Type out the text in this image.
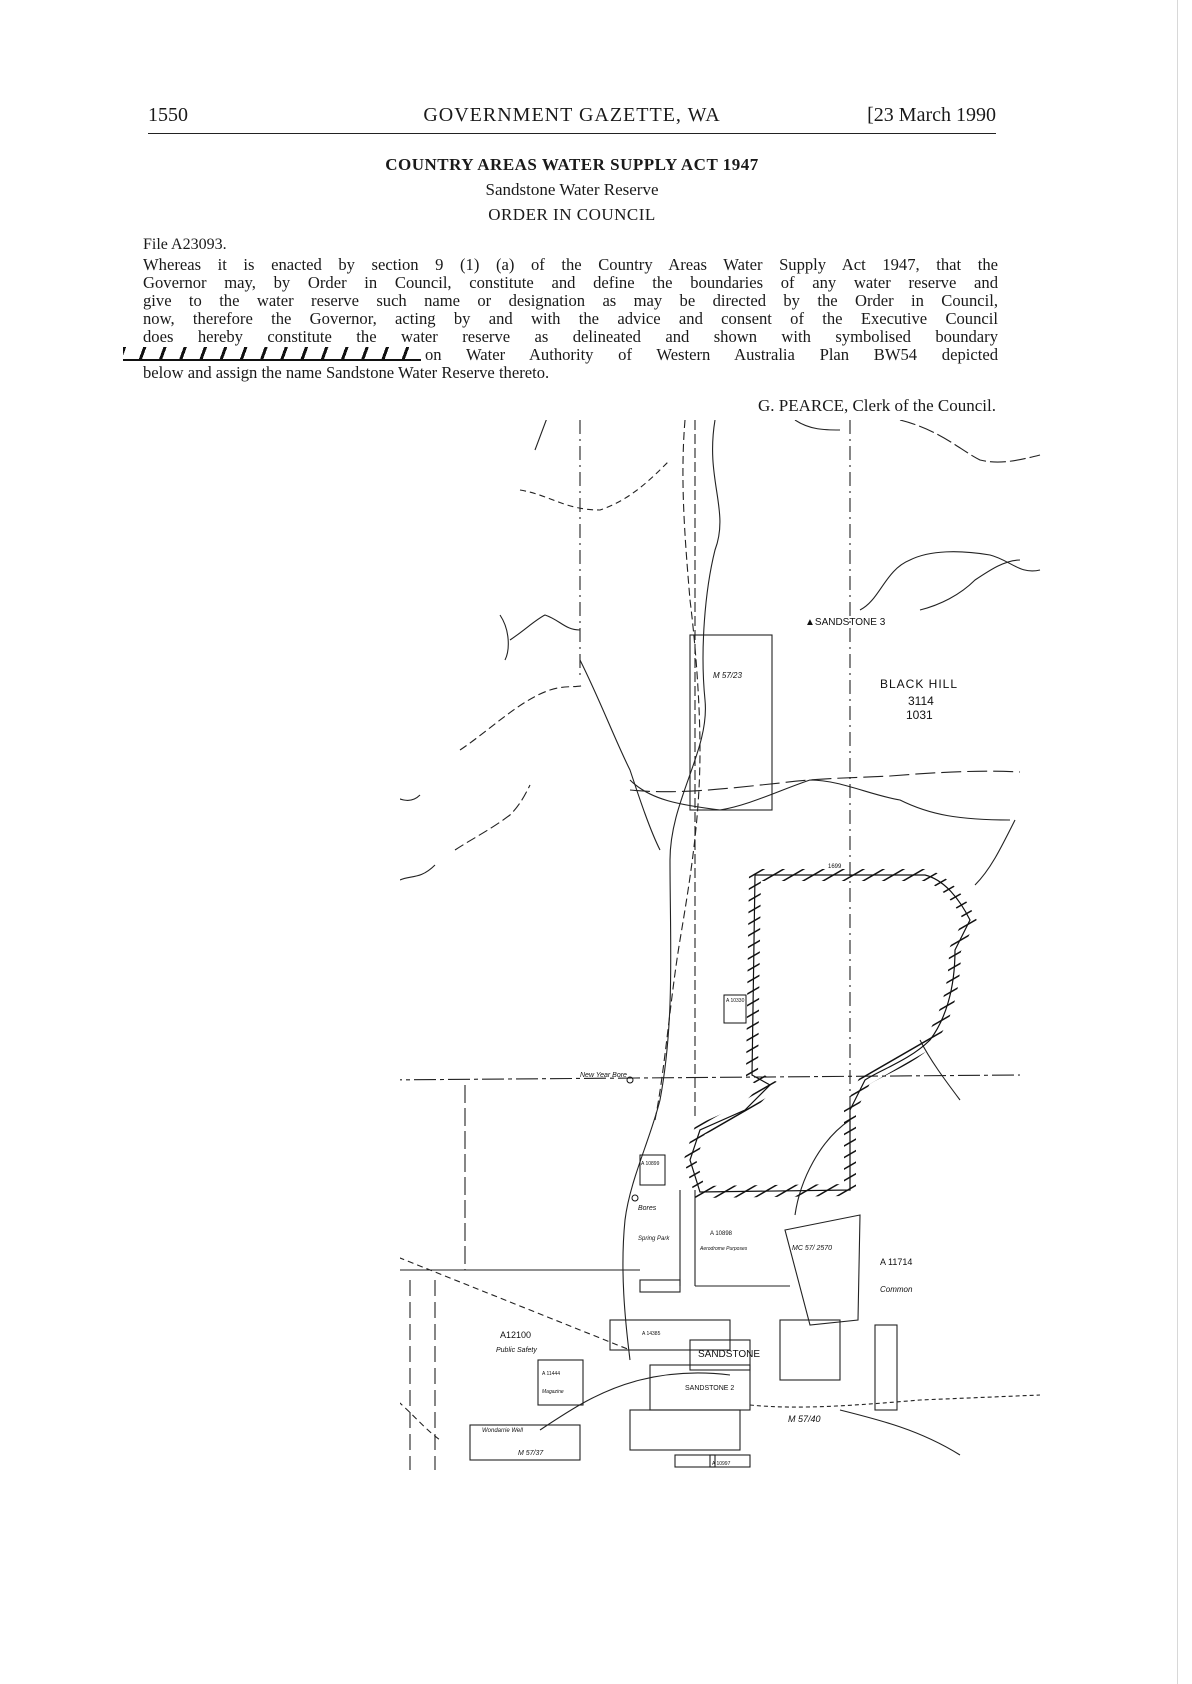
1550	GOVERNMENT GAZETTE, WA	[23 March 1990
COUNTRY AREAS WATER SUPPLY ACT 1947
Sandstone Water Reserve
ORDER IN COUNCIL
File A23093.
Whereas it is enacted by section 9 (1) (a) of the Country Areas Water Supply Act 1947, that the
Governor may, by Order in Council, constitute and define the boundaries of any water reserve and
give to the water reserve such name or designation as may be directed by the Order in Council,
now, therefore the Governor, acting by and with the advice and consent of the Executive Council
does hereby constitute the water reserve as delineated and shown with symbolised boundary
on Water Authority of Western Australia Plan BW54 depicted
below and assign the name Sandstone Water Reserve thereto.
G. PEARCE, Clerk of the Council.
▲SANDSTONE 3
BLACK HILL
3114
1031
M 57/23
1699
A 10330
New Year Bore
A 10899
Bores
Spring Park
A 10898
Aerodrome Purposes	MC 57/ 2570
A 11714
Common
A12100
Public Safety
A 11444
Magazine
A 14385
SANDSTONE
SANDSTONE 2
M 57/40
Wondarrie Well
M 57/37
A 10997
